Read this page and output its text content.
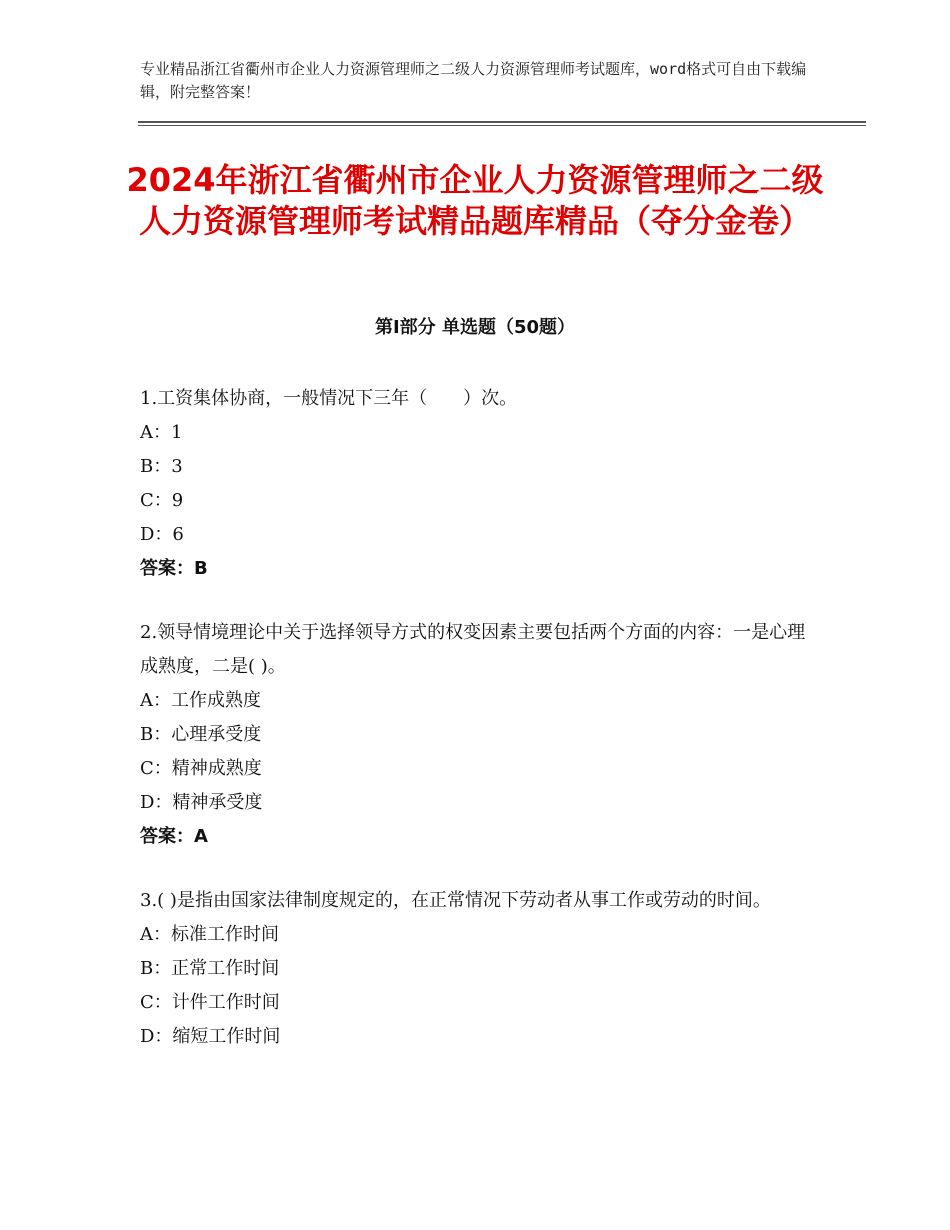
专业精品浙江省衢州市企业人力资源管理师之二级人力资源管理师考试题库，word格式可自由下载编辑，附完整答案！
2024年浙江省衢州市企业人力资源管理师之二级人力资源管理师考试精品题库精品（夺分金卷）
第Ⅰ部分 单选题（50题）

1.工资集体协商，一般情况下三年（　　）次。

A：1

B：3

C：9

D：6

答案：B

2.领导情境理论中关于选择领导方式的权变因素主要包括两个方面的内容：一是心理成熟度，二是( )。

A：工作成熟度

B：心理承受度

C：精神成熟度

D：精神承受度

答案：A

3.( )是指由国家法律制度规定的，在正常情况下劳动者从事工作或劳动的时间。

A：标准工作时间

B：正常工作时间

C：计件工作时间

D：缩短工作时间
